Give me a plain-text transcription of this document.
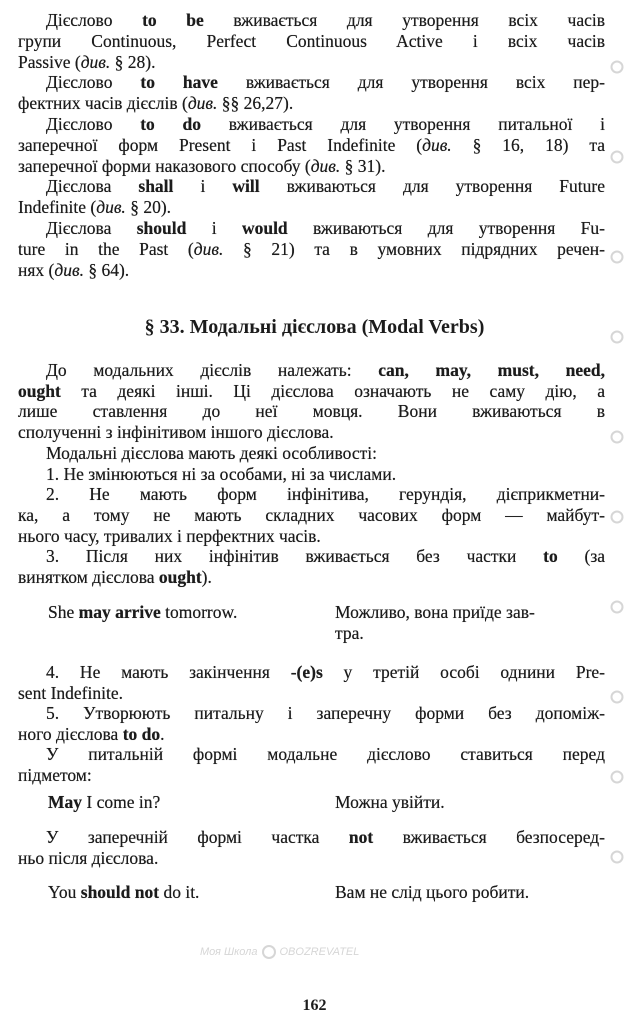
Моя Школа OBOZREVATEL
Дієслово to be вживається для утворення всіх часів
групи Continuous, Perfect Continuous Active і всіх часів
Passive (див. § 28).
Дієслово to have вживається для утворення всіх пер-
фектних часів дієслів (див. §§ 26,27).
Дієслово to do вживається для утворення питальної і
заперечної форм Present і Past Indefinite (див. § 16, 18) та
заперечної форми наказового способу (див. § 31).
Дієслова shall і will вживаються для утворення Future
Indefinite (див. § 20).
Дієслова should і would вживаються для утворення Fu-
ture in the Past (див. § 21) та в умовних підрядних речен-
нях (див. § 64).
§ 33. Модальні дієслова (Modal Verbs)
До модальних дієслів належать: can, may, must, need,
ought та деякі інші. Ці дієслова означають не саму дію, а
лише ставлення до неї мовця. Вони вживаються в
сполученні з інфінітивом іншого дієслова.
Модальні дієслова мають деякі особливості:
1. Не змінюються ні за особами, ні за числами.
2. Не мають форм інфінітива, герундія, дієприкметни-
ка, а тому не мають складних часових форм — майбут-
нього часу, тривалих і перфектних часів.
3. Після них інфінітив вживається без частки to (за
винятком дієслова ought).
She may arrive tomorrow.	Можливо, вона приїде зав-
тра.
4. Не мають закінчення -(e)s у третій особі однини Pre-
sent Indefinite.
5. Утворюють питальну і заперечну форми без допоміж-
ного дієслова to do.
У питальній формі модальне дієслово ставиться перед
підметом:
May I come in?	Можна увійти.
У заперечній формі частка not вживається безпосеред-
ньо після дієслова.
You should not do it.	Вам не слід цього робити.
162
